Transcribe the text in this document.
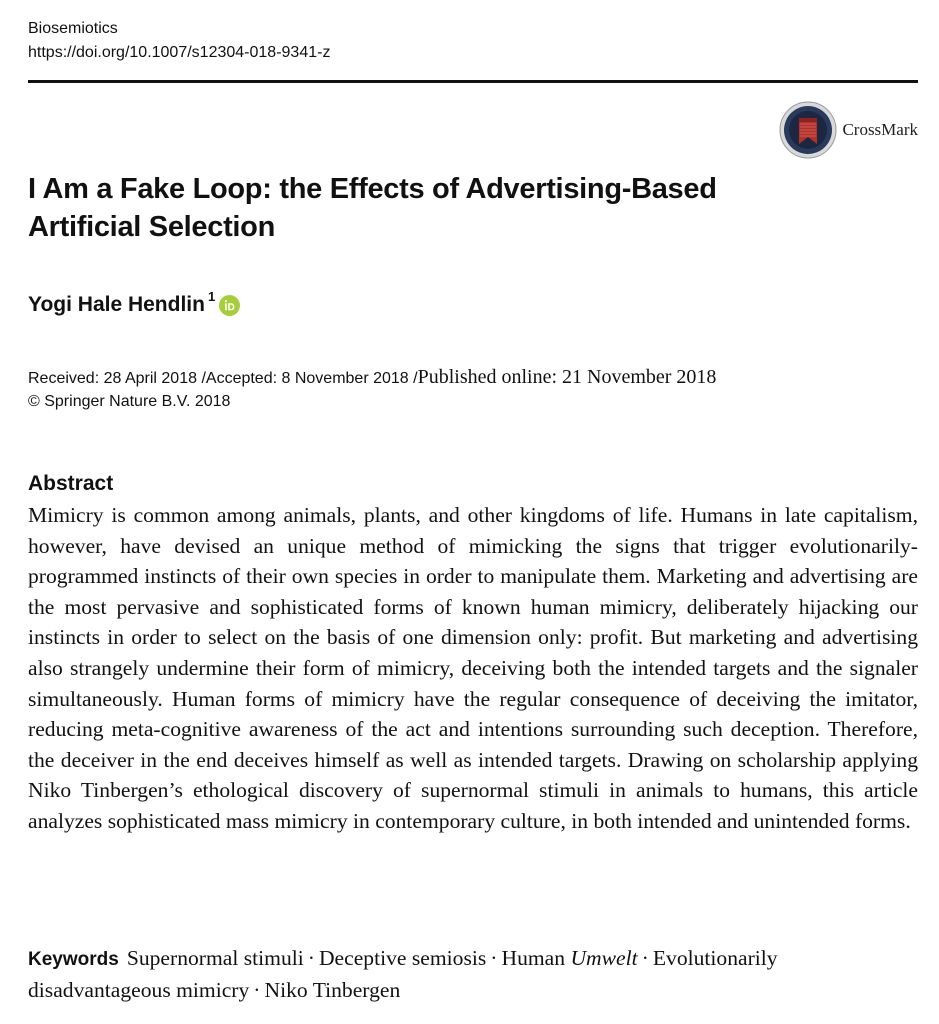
Biosemiotics
https://doi.org/10.1007/s12304-018-9341-z
CrossMark
I Am a Fake Loop: the Effects of Advertising-Based Artificial Selection
Yogi Hale Hendlin$^1$
Received: 28 April 2018 /Accepted: 8 November 2018 /Published online: 21 November 2018
© Springer Nature B.V. 2018
Abstract

Mimicry is common among animals, plants, and other kingdoms of life. Humans in late capitalism, however, have devised an unique method of mimicking the signs that trigger evolutionarily-programmed instincts of their own species in order to manipulate them. Marketing and advertising are the most pervasive and sophisticated forms of known human mimicry, deliberately hijacking our instincts in order to select on the basis of one dimension only: profit. But marketing and advertising also strangely undermine their form of mimicry, deceiving both the intended targets and the signaler simultaneously. Human forms of mimicry have the regular consequence of deceiving the imitator, reducing meta-cognitive awareness of the act and intentions surrounding such deception. Therefore, the deceiver in the end deceives himself as well as intended targets. Drawing on scholarship applying Niko Tinbergen’s ethological discovery of supernormal stimuli in animals to humans, this article analyzes sophisticated mass mimicry in contemporary culture, in both intended and unintended forms.

Keywords Supernormal stimuli · Deceptive semiosis · Human Umwelt · Evolutionarily disadvantageous mimicry · Niko Tinbergen
